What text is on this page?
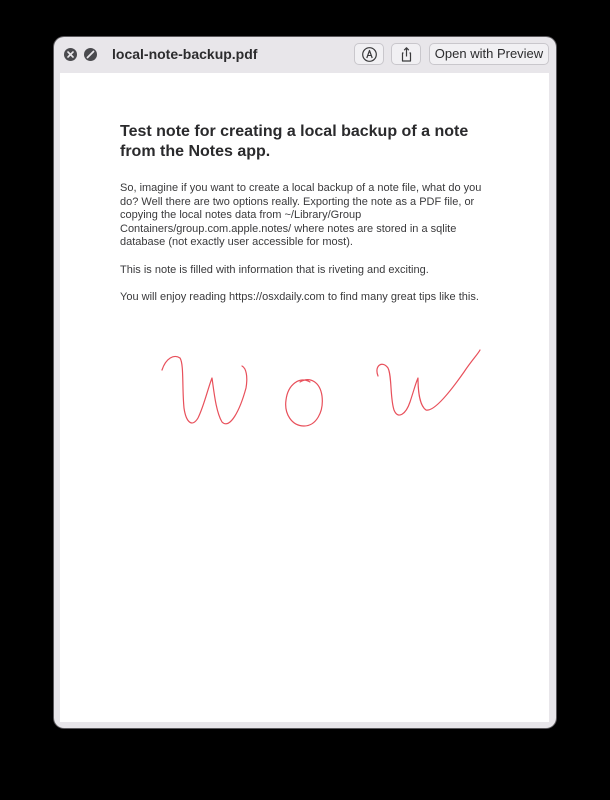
local-note-backup.pdf	Open with Preview
Test note for creating a local backup of a note from the Notes app.

So, imagine if you want to create a local backup of a note file, what do you do? Well there are two options really. Exporting the note as a PDF file, or copying the local notes data from ~/Library/Group Containers/group.com.apple.notes/ where notes are stored in a sqlite database (not exactly user accessible for most).

This is note is filled with information that is riveting and exciting.

You will enjoy reading https://osxdaily.com to find many great tips like this.
